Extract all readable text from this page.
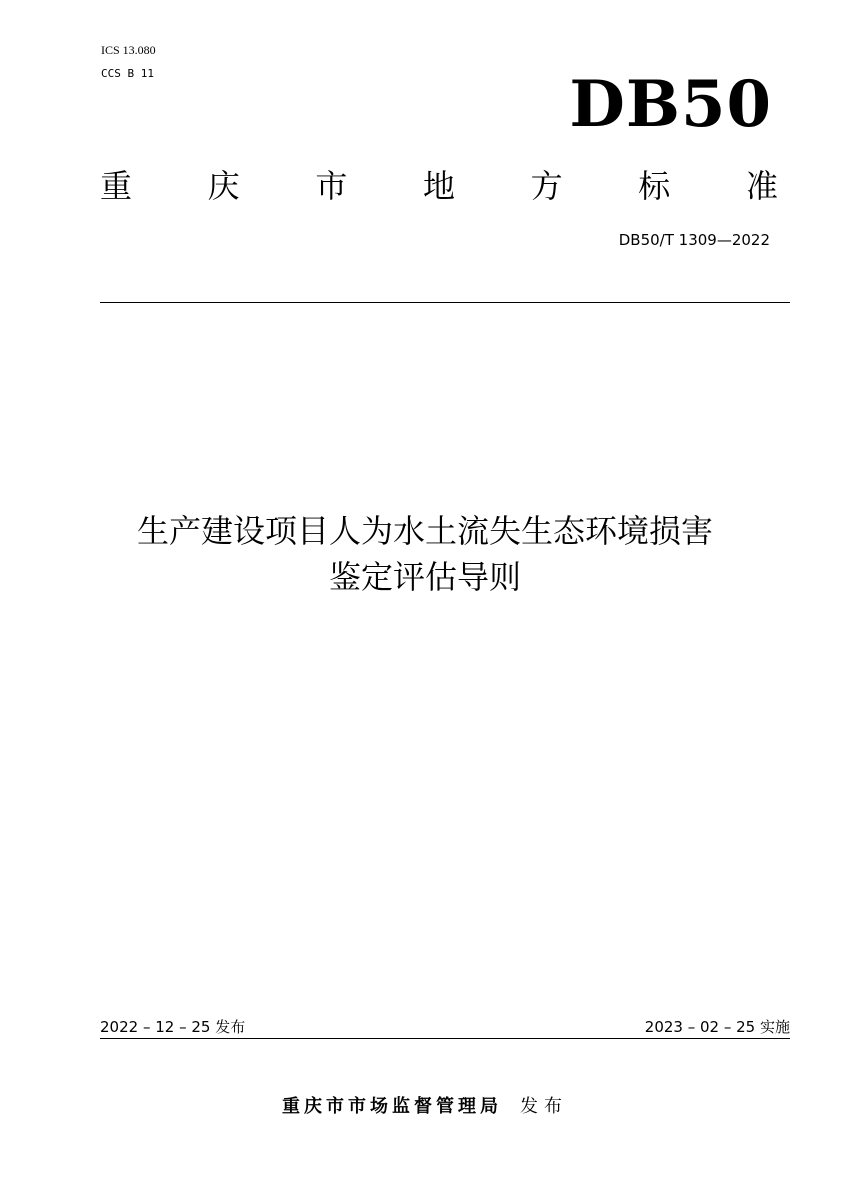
ICS 13.080
CCS B 11	DB50
重 庆 市 地 方 标 准
DB50/T 1309—2022
生产建设项目人为水土流失生态环境损害
鉴定评估导则
2022 – 12 – 25 发布	2023 – 02 – 25 实施
重庆市市场监督管理局 发布
